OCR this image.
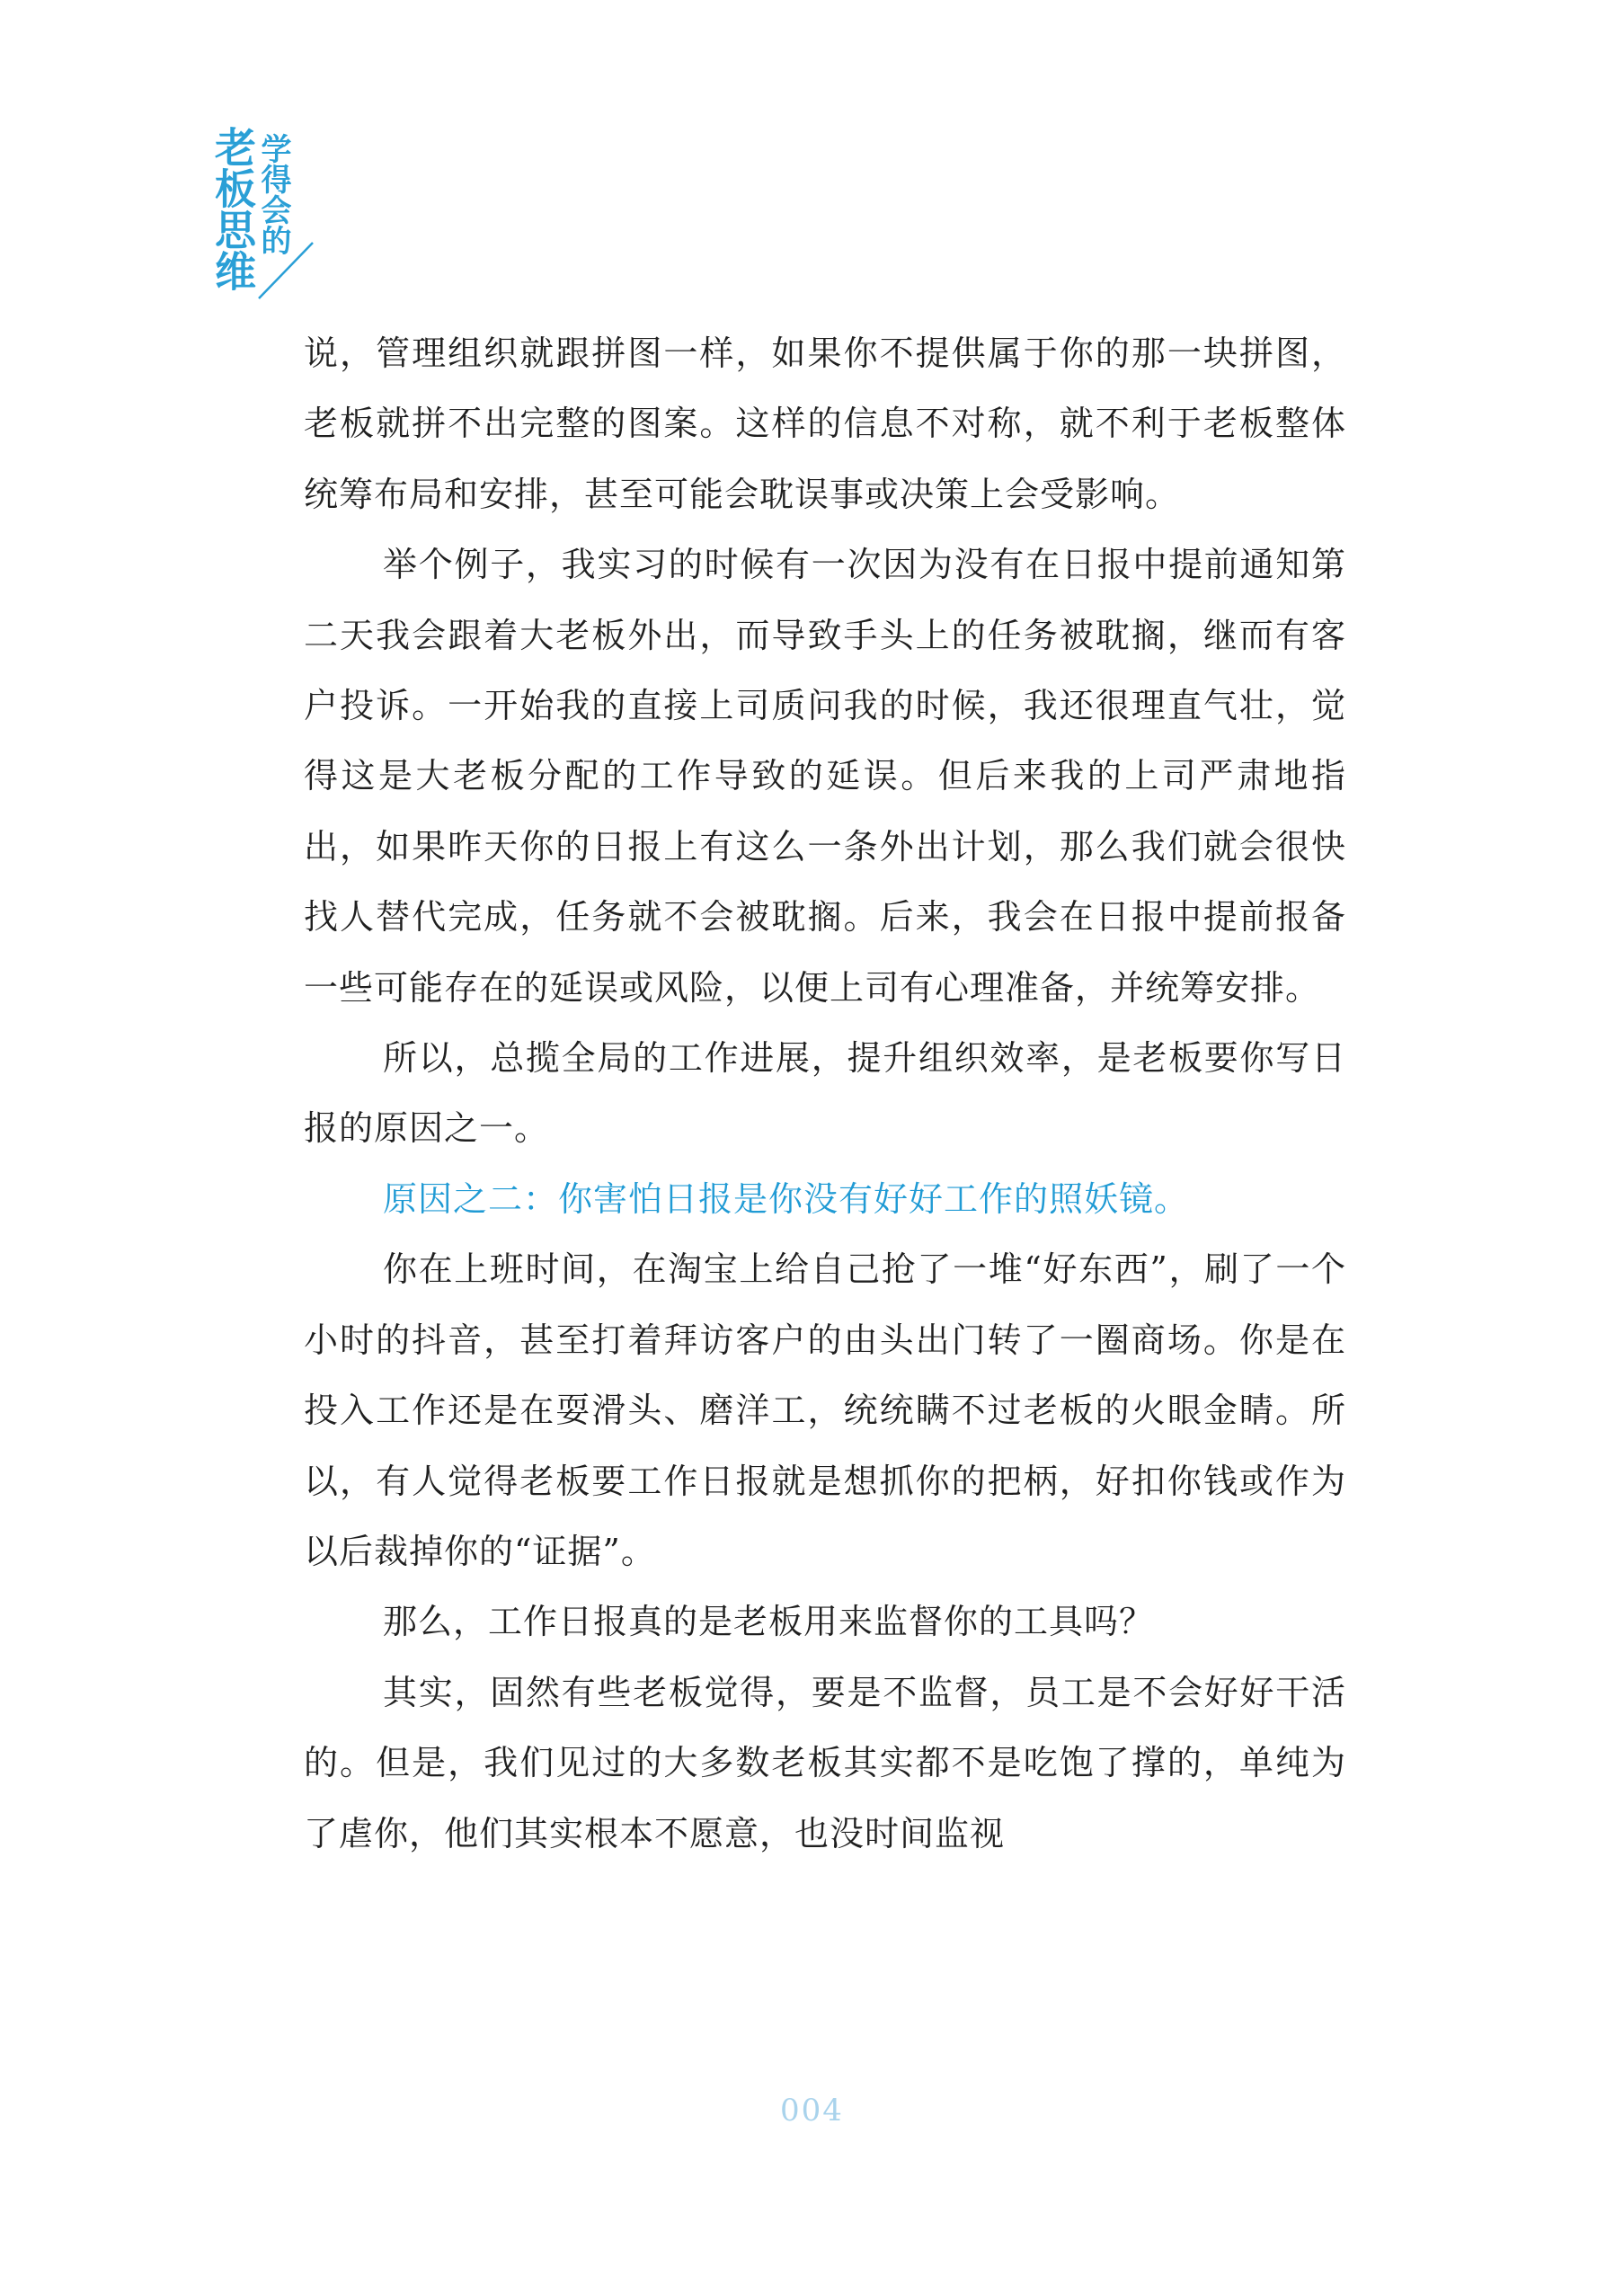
老板思维
学得会的

说，管理组织就跟拼图一样，如果你不提供属于你的那一块拼图，老板就拼不出完整的图案。这样的信息不对称，就不利于老板整体统筹布局和安排，甚至可能会耽误事或决策上会受影响。

举个例子，我实习的时候有一次因为没有在日报中提前通知第二天我会跟着大老板外出，而导致手头上的任务被耽搁，继而有客户投诉。一开始我的直接上司质问我的时候，我还很理直气壮，觉得这是大老板分配的工作导致的延误。但后来我的上司严肃地指出，如果昨天你的日报上有这么一条外出计划，那么我们就会很快找人替代完成，任务就不会被耽搁。后来，我会在日报中提前报备一些可能存在的延误或风险，以便上司有心理准备，并统筹安排。

所以，总揽全局的工作进展，提升组织效率，是老板要你写日报的原因之一。

原因之二：你害怕日报是你没有好好工作的照妖镜。

你在上班时间，在淘宝上给自己抢了一堆“好东西”，刷了一个小时的抖音，甚至打着拜访客户的由头出门转了一圈商场。你是在投入工作还是在耍滑头、磨洋工，统统瞒不过老板的火眼金睛。所以，有人觉得老板要工作日报就是想抓你的把柄，好扣你钱或作为以后裁掉你的“证据”。

那么，工作日报真的是老板用来监督你的工具吗？

其实，固然有些老板觉得，要是不监督，员工是不会好好干活的。但是，我们见过的大多数老板其实都不是吃饱了撑的，单纯为了虐你，他们其实根本不愿意，也没时间监视

004
